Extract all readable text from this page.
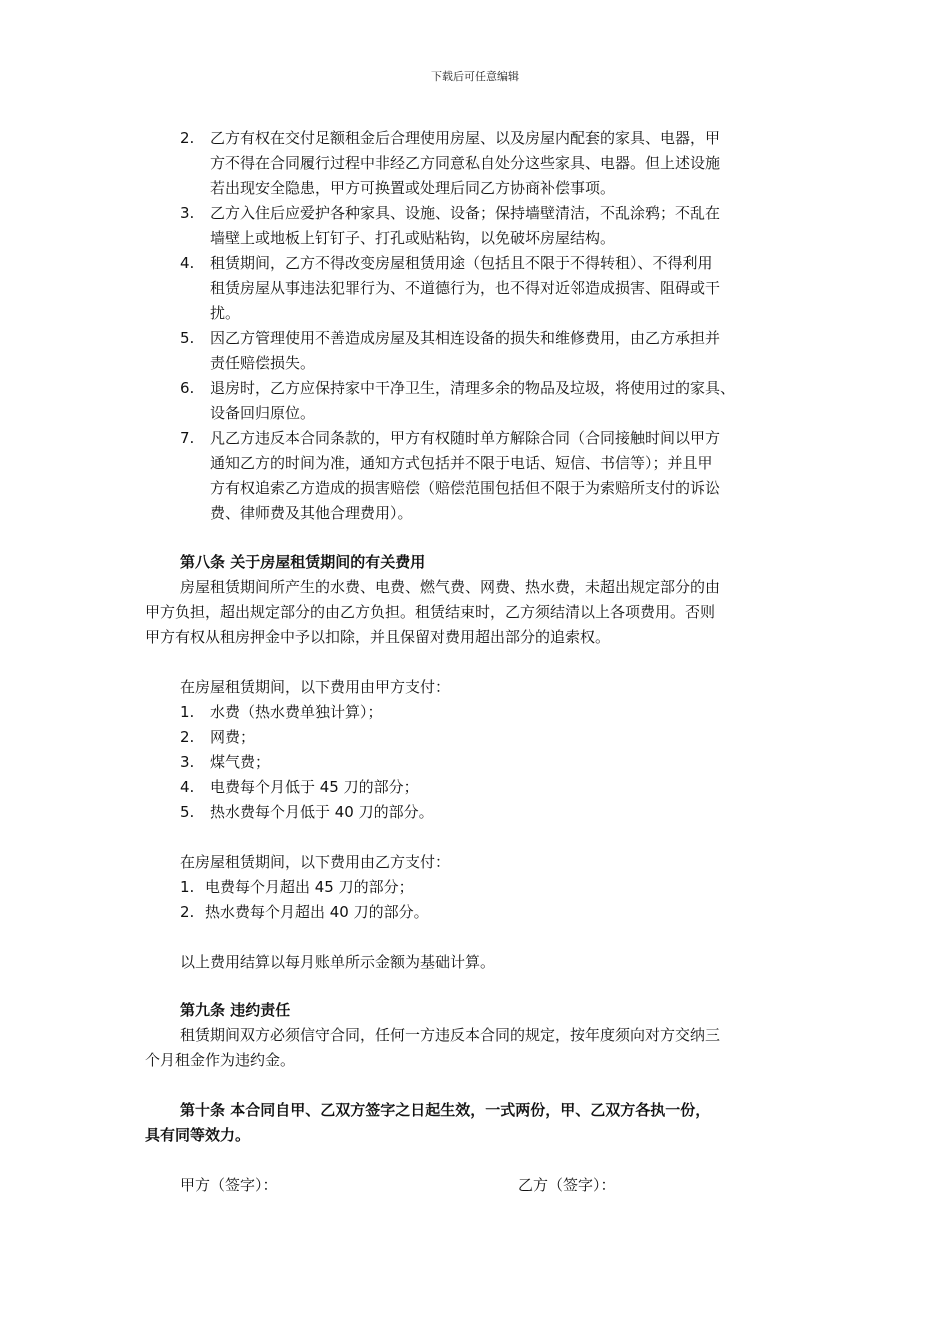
下载后可任意编辑
2. 乙方有权在交付足额租金后合理使用房屋、以及房屋内配套的家具、电器，甲
方不得在合同履行过程中非经乙方同意私自处分这些家具、电器。但上述设施
若出现安全隐患，甲方可换置或处理后同乙方协商补偿事项。
3. 乙方入住后应爱护各种家具、设施、设备；保持墙壁清洁，不乱涂鸦；不乱在
墙壁上或地板上钉钉子、打孔或贴粘钩，以免破坏房屋结构。
4. 租赁期间，乙方不得改变房屋租赁用途（包括且不限于不得转租）、不得利用
租赁房屋从事违法犯罪行为、不道德行为，也不得对近邻造成损害、阻碍或干
扰。
5. 因乙方管理使用不善造成房屋及其相连设备的损失和维修费用，由乙方承担并
责任赔偿损失。
6. 退房时，乙方应保持家中干净卫生，清理多余的物品及垃圾，将使用过的家具、
设备回归原位。
7. 凡乙方违反本合同条款的，甲方有权随时单方解除合同（合同接触时间以甲方
通知乙方的时间为准，通知方式包括并不限于电话、短信、书信等）；并且甲
方有权追索乙方造成的损害赔偿（赔偿范围包括但不限于为索赔所支付的诉讼
费、律师费及其他合理费用）。
第八条 关于房屋租赁期间的有关费用
房屋租赁期间所产生的水费、电费、燃气费、网费、热水费，未超出规定部分的由
甲方负担，超出规定部分的由乙方负担。租赁结束时，乙方须结清以上各项费用。否则
甲方有权从租房押金中予以扣除，并且保留对费用超出部分的追索权。
在房屋租赁期间，以下费用由甲方支付：
1. 水费（热水费单独计算）；
2. 网费；
3. 煤气费；
4. 电费每个月低于 45 刀的部分；
5. 热水费每个月低于 40 刀的部分。
在房屋租赁期间，以下费用由乙方支付：
1. 电费每个月超出 45 刀的部分；
2. 热水费每个月超出 40 刀的部分。
以上费用结算以每月账单所示金额为基础计算。
第九条 违约责任
租赁期间双方必须信守合同，任何一方违反本合同的规定，按年度须向对方交纳三
个月租金作为违约金。
第十条 本合同自甲、乙双方签字之日起生效，一式两份，甲、乙双方各执一份，
具有同等效力。
甲方（签字）：	乙方（签字）：
